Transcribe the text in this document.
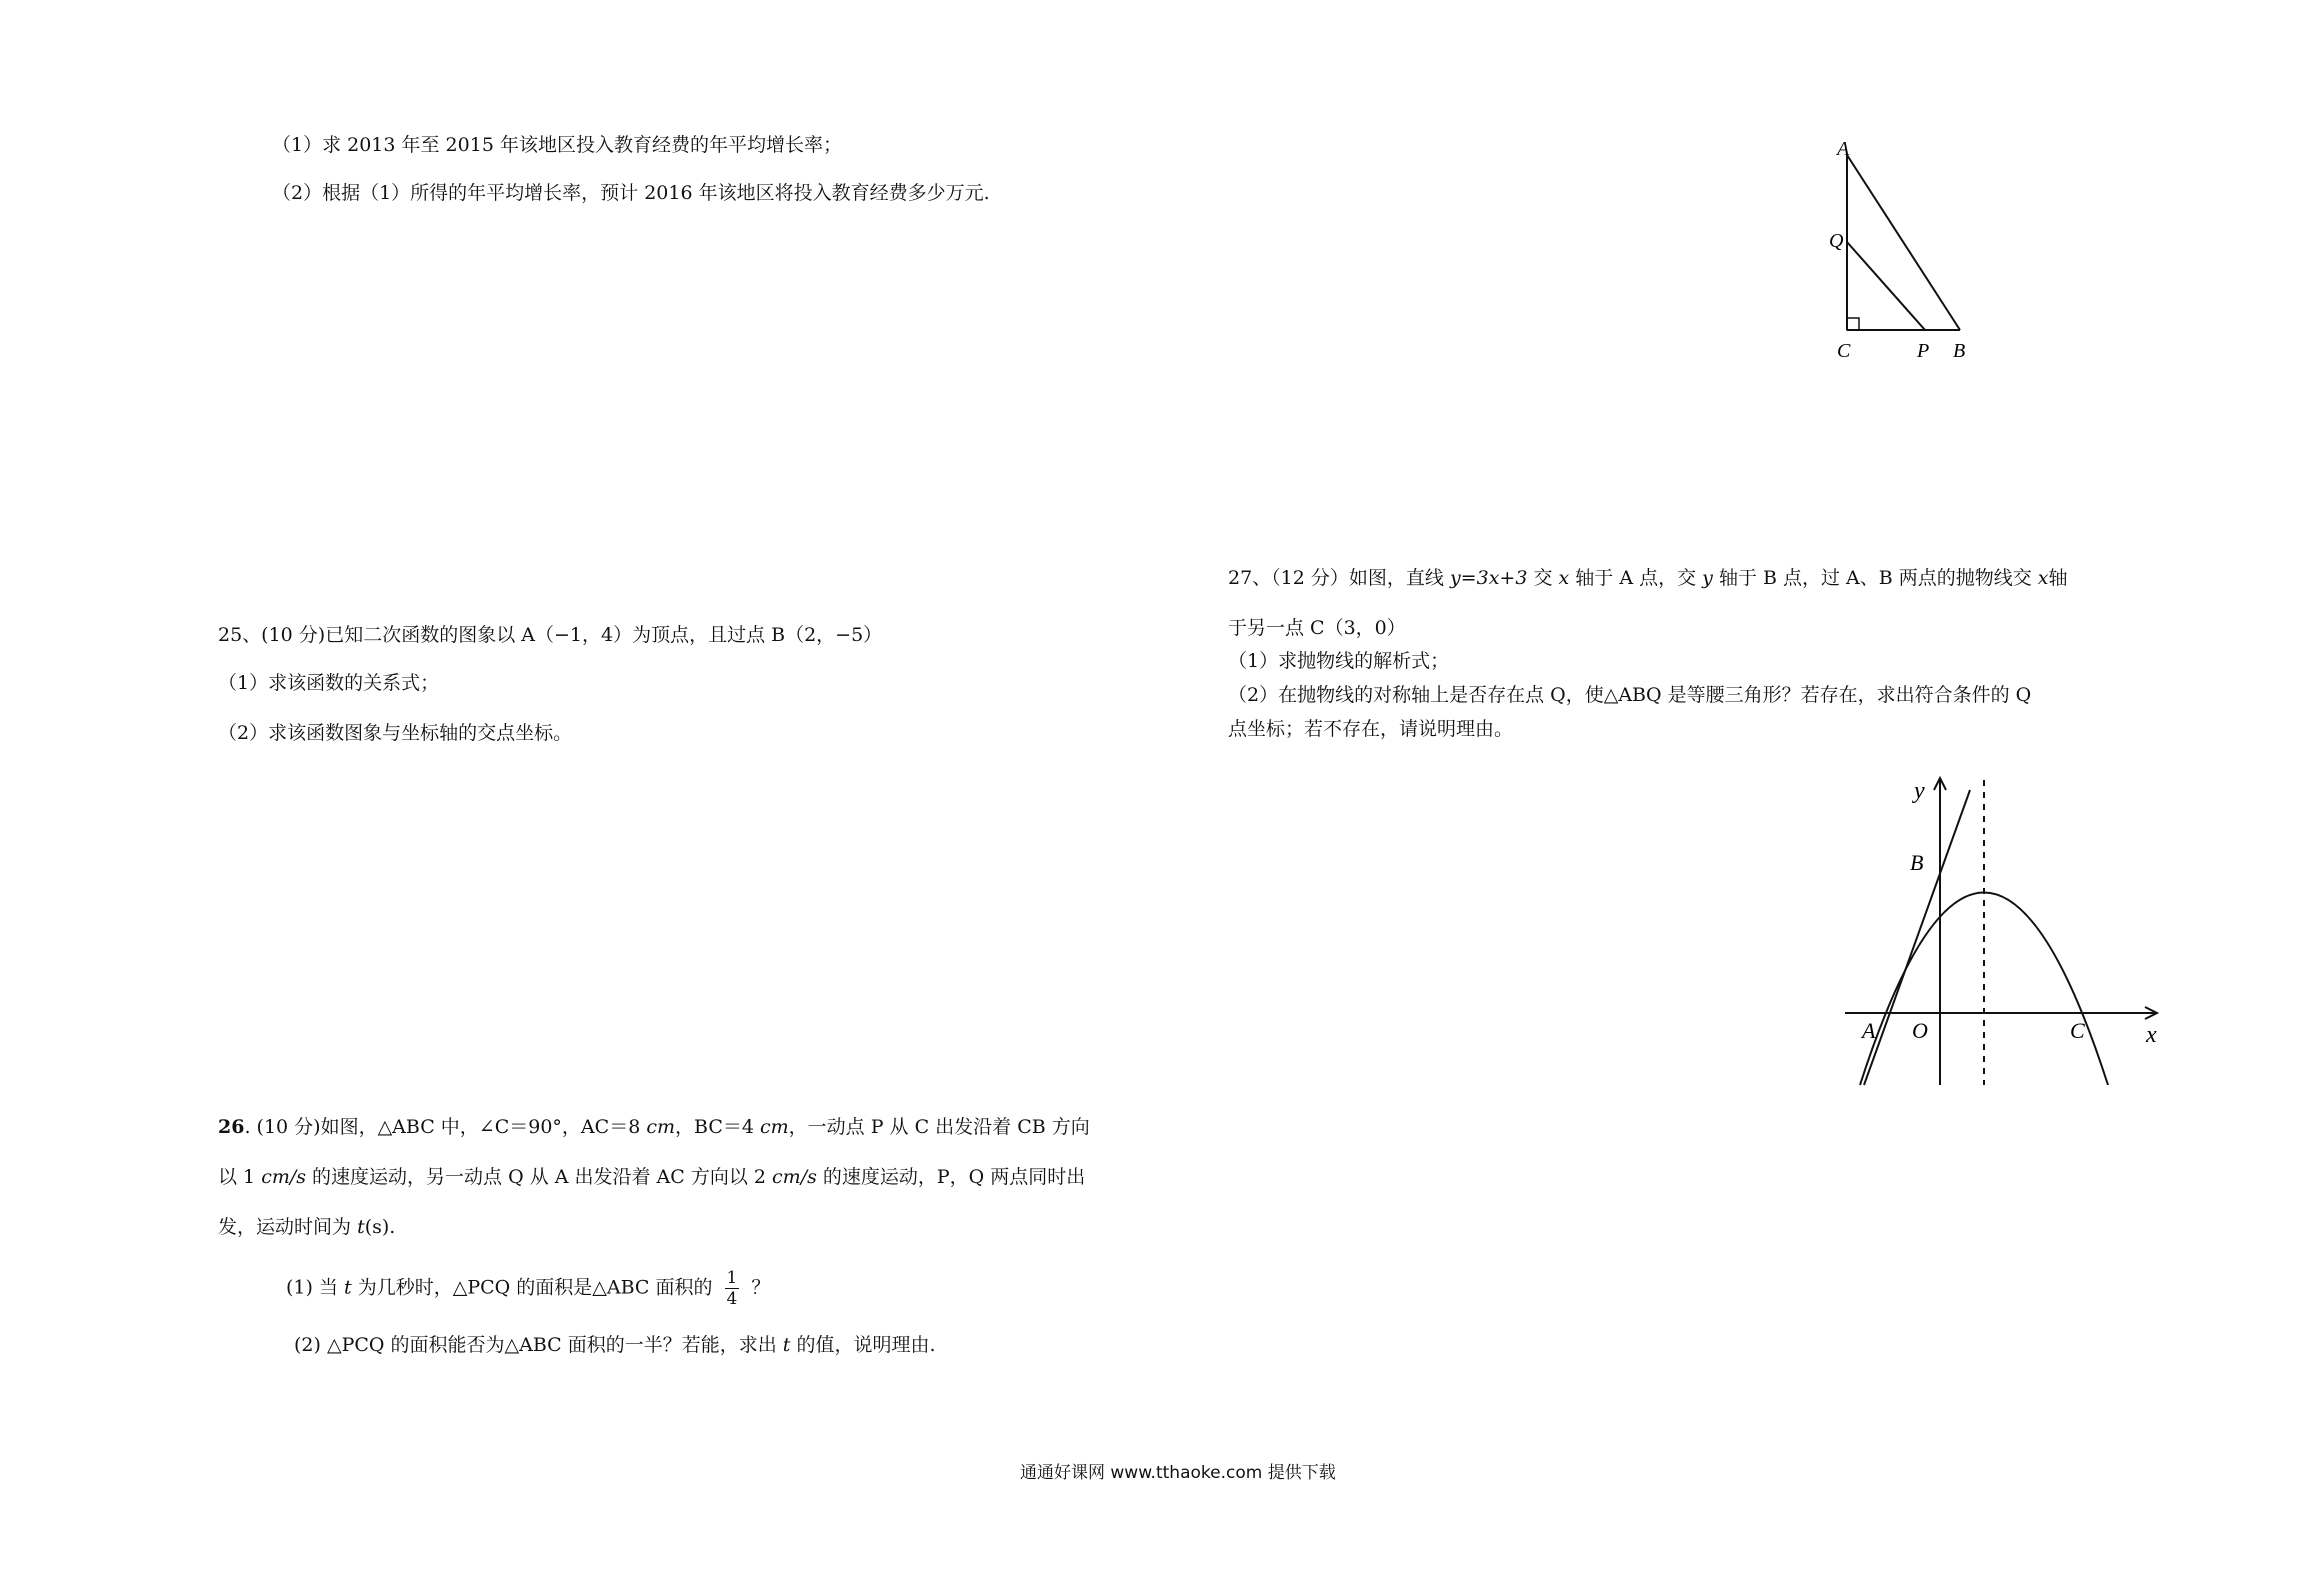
（1）求 2013 年至 2015 年该地区投入教育经费的年平均增长率；
（2）根据（1）所得的年平均增长率，预计 2016 年该地区将投入教育经费多少万元.
A
Q
C	P B
25、(10 分)已知二次函数的图象以 A（−1，4）为顶点，且过点 B（2，−5）
（1）求该函数的关系式；
（2）求该函数图象与坐标轴的交点坐标。
26. (10 分)如图，△ABC 中，∠C＝90°，AC＝8 cm，BC＝4 cm，一动点 P 从 C 出发沿着 CB 方向
以 1 cm/s 的速度运动，另一动点 Q 从 A 出发沿着 AC 方向以 2 cm/s 的速度运动，P，Q 两点同时出
发，运动时间为 t(s).
(1) 当 t 为几秒时，△PCQ 的面积是△ABC 面积的 $\frac{1}{4}$ ？
(2) △PCQ 的面积能否为△ABC 面积的一半？若能，求出 t 的值，说明理由.
27、（12 分）如图，直线 y=3x+3 交 x 轴于 A 点，交 y 轴于 B 点，过 A、B 两点的抛物线交 x轴
于另一点 C（3，0）
（1）求抛物线的解析式；
（2）在抛物线的对称轴上是否存在点 Q，使△ABQ 是等腰三角形？若存在，求出符合条件的 Q
点坐标；若不存在，请说明理由。
y
x
B
A O	C
通通好课网 www.tthaoke.com 提供下载
